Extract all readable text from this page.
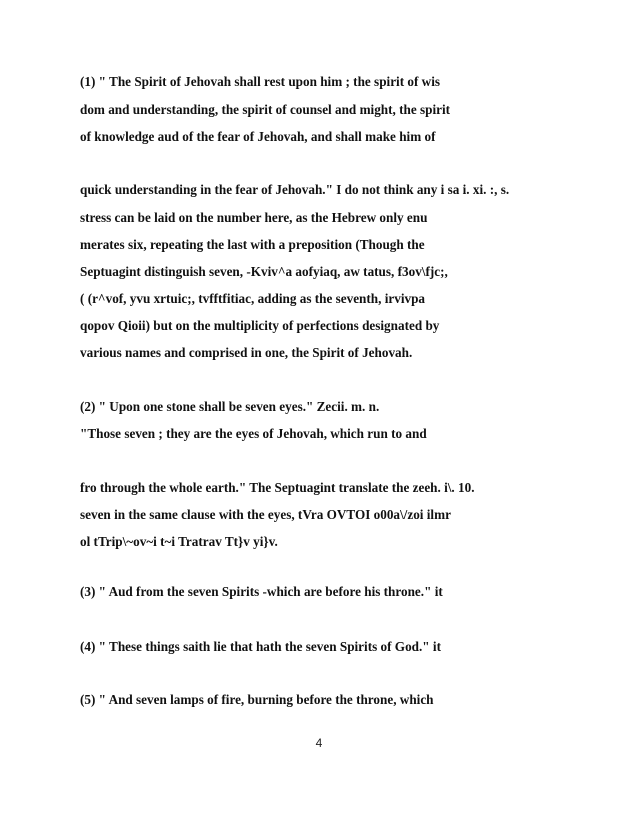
(1) " The Spirit of Jehovah shall rest upon him ; the spirit of wis
dom and understanding, the spirit of counsel and might, the spirit
of knowledge aud of the fear of Jehovah, and shall make him of
quick understanding in the fear of Jehovah." I do not think any i sa i. xi. :, s.
stress can be laid on the number here, as the Hebrew only enu
merates six, repeating the last with a preposition (Though the
Septuagint distinguish seven, -Kviv^a aofyiaq, aw tatus, f3ov\fjc;,
( (r^vof, yvu xrtuic;, tvfftfitiac, adding as the seventh, irvivpa
qopov Qioii) but on the multiplicity of perfections designated by
various names and comprised in one, the Spirit of Jehovah.
(2) " Upon one stone shall be seven eyes." Zecii. m. n.
"Those seven ; they are the eyes of Jehovah, which run to and
fro through the whole earth." The Septuagint translate the zeeh. i\. 10.
seven in the same clause with the eyes, tVra OVTOI o00a\/zoi ilmr
ol tTrip\~ov~i t~i Tratrav Tt}v yi}v.
(3) " Aud from the seven Spirits -which are before his throne." it
(4) " These things saith lie that hath the seven Spirits of God." it
(5) " And seven lamps of fire, burning before the throne, which
4
